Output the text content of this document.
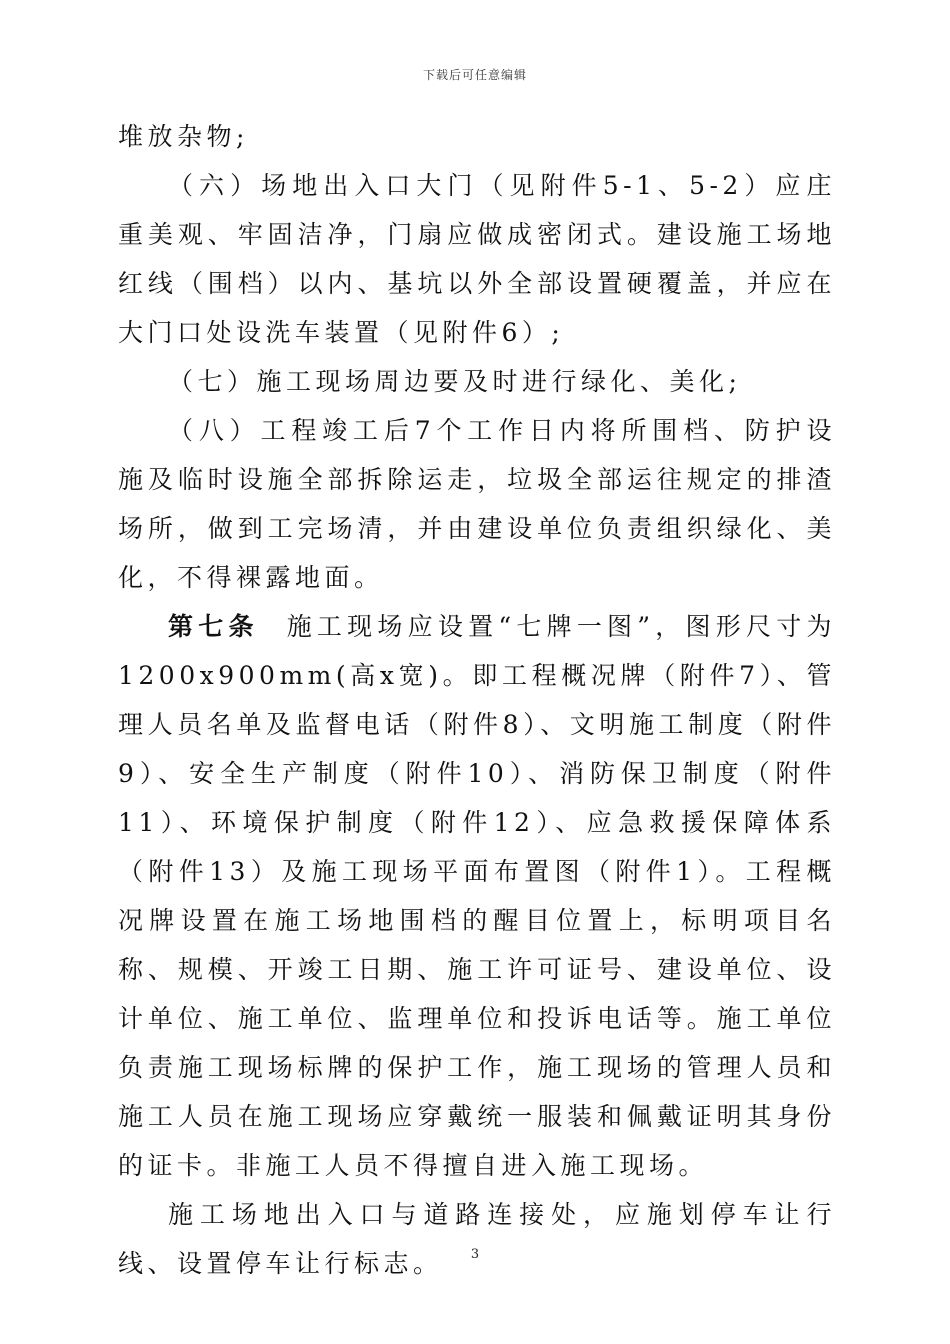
下载后可任意编辑

堆放杂物;

（六）场地出入口大门（见附件5-1、5-2）应庄重美观、牢固洁净，门扇应做成密闭式。建设施工场地红线（围档）以内、基坑以外全部设置硬覆盖，并应在大门口处设洗车装置（见附件6）;

（七）施工现场周边要及时进行绿化、美化;

（八）工程竣工后7个工作日内将所围档、防护设施及临时设施全部拆除运走，垃圾全部运往规定的排渣场所，做到工完场清，并由建设单位负责组织绿化、美化，不得裸露地面。

第七条 施工现场应设置“七牌一图”，图形尺寸为1200x900mm(高x宽)。即工程概况牌（附件7）、管理人员名单及监督电话（附件8）、文明施工制度（附件9）、安全生产制度（附件10）、消防保卫制度（附件11）、环境保护制度（附件12）、应急救援保障体系（附件13）及施工现场平面布置图（附件1）。工程概况牌设置在施工场地围档的醒目位置上，标明项目名称、规模、开竣工日期、施工许可证号、建设单位、设计单位、施工单位、监理单位和投诉电话等。施工单位负责施工现场标牌的保护工作，施工现场的管理人员和施工人员在施工现场应穿戴统一服装和佩戴证明其身份的证卡。非施工人员不得擅自进入施工现场。

施工场地出入口与道路连接处，应施划停车让行线、设置停车让行标志。	3
